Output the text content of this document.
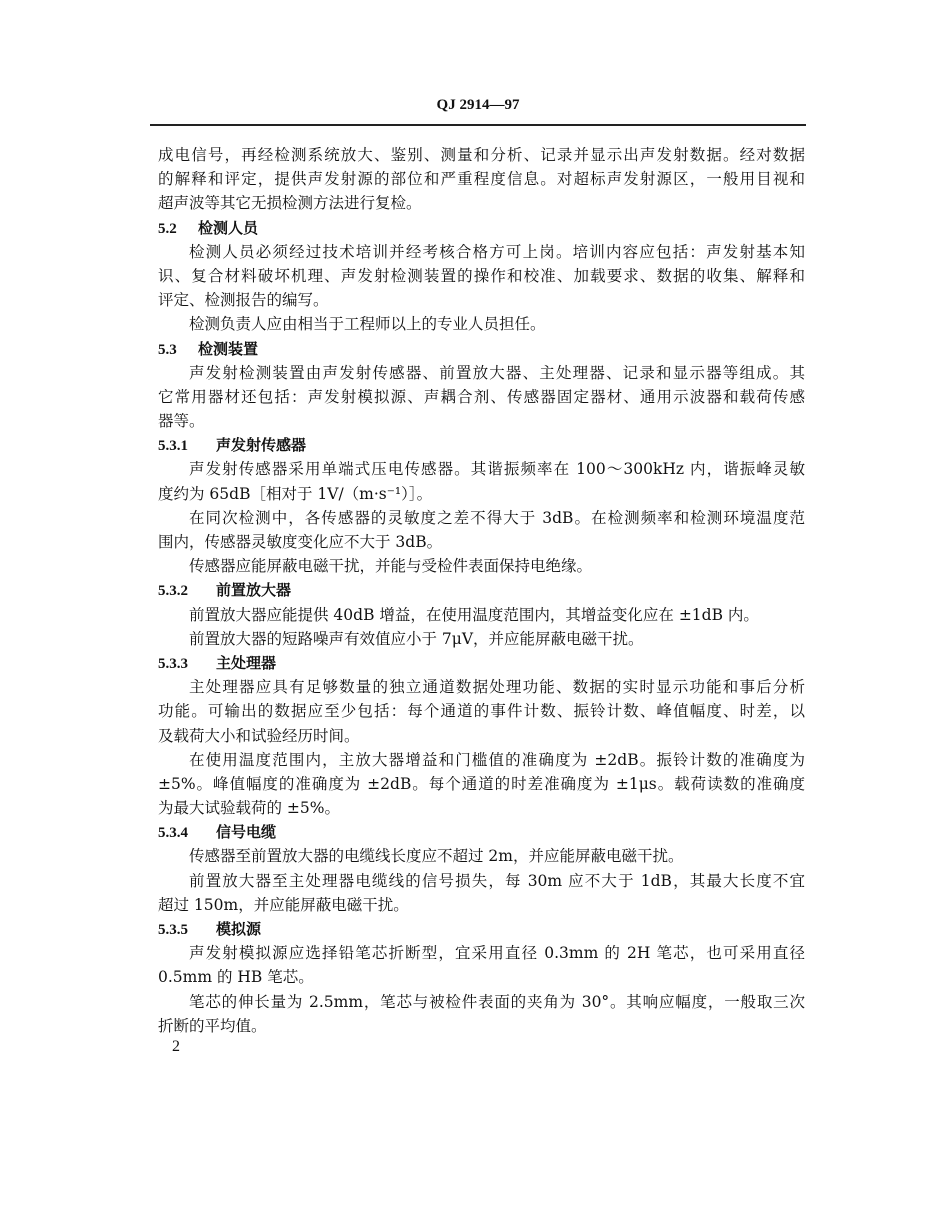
QJ 2914—97
成电信号，再经检测系统放大、鉴别、测量和分析、记录并显示出声发射数据。经对数据
的解释和评定，提供声发射源的部位和严重程度信息。对超标声发射源区，一般用目视和
超声波等其它无损检测方法进行复检。
5.2 检测人员
检测人员必须经过技术培训并经考核合格方可上岗。培训内容应包括：声发射基本知
识、复合材料破坏机理、声发射检测装置的操作和校准、加载要求、数据的收集、解释和
评定、检测报告的编写。
检测负责人应由相当于工程师以上的专业人员担任。
5.3 检测装置
声发射检测装置由声发射传感器、前置放大器、主处理器、记录和显示器等组成。其
它常用器材还包括：声发射模拟源、声耦合剂、传感器固定器材、通用示波器和载荷传感
器等。
5.3.1 声发射传感器
声发射传感器采用单端式压电传感器。其谐振频率在 100～300kHz 内，谐振峰灵敏
度约为 65dB［相对于 1V/（m·s⁻¹）］。
在同次检测中，各传感器的灵敏度之差不得大于 3dB。在检测频率和检测环境温度范
围内，传感器灵敏度变化应不大于 3dB。
传感器应能屏蔽电磁干扰，并能与受检件表面保持电绝缘。
5.3.2 前置放大器
前置放大器应能提供 40dB 增益，在使用温度范围内，其增益变化应在 ±1dB 内。
前置放大器的短路噪声有效值应小于 7μV，并应能屏蔽电磁干扰。
5.3.3 主处理器
主处理器应具有足够数量的独立通道数据处理功能、数据的实时显示功能和事后分析
功能。可输出的数据应至少包括：每个通道的事件计数、振铃计数、峰值幅度、时差，以
及载荷大小和试验经历时间。
在使用温度范围内，主放大器增益和门槛值的准确度为 ±2dB。振铃计数的准确度为
±5%。峰值幅度的准确度为 ±2dB。每个通道的时差准确度为 ±1μs。载荷读数的准确度
为最大试验载荷的 ±5%。
5.3.4 信号电缆
传感器至前置放大器的电缆线长度应不超过 2m，并应能屏蔽电磁干扰。
前置放大器至主处理器电缆线的信号损失，每 30m 应不大于 1dB，其最大长度不宜
超过 150m，并应能屏蔽电磁干扰。
5.3.5 模拟源
声发射模拟源应选择铅笔芯折断型，宜采用直径 0.3mm 的 2H 笔芯，也可采用直径
0.5mm 的 HB 笔芯。
笔芯的伸长量为 2.5mm，笔芯与被检件表面的夹角为 30°。其响应幅度，一般取三次
折断的平均值。
2
